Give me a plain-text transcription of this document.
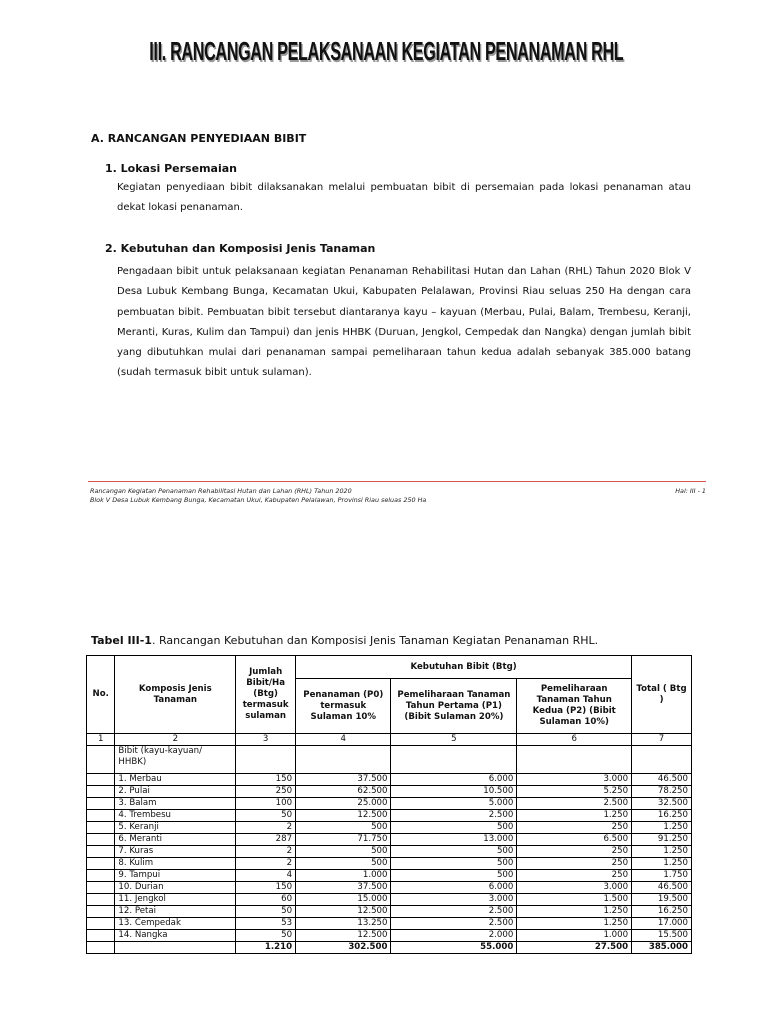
III. RANCANGAN PELAKSANAAN KEGIATAN PENANAMAN RHL
A. RANCANGAN PENYEDIAAN BIBIT
1. Lokasi Persemaian
Kegiatan penyediaan bibit dilaksanakan melalui pembuatan bibit di persemaian pada lokasi penanaman atau dekat lokasi penanaman.
2. Kebutuhan dan Komposisi Jenis Tanaman
Pengadaan bibit untuk pelaksanaan kegiatan Penanaman Rehabilitasi Hutan dan Lahan (RHL) Tahun 2020 Blok V Desa Lubuk Kembang Bunga, Kecamatan Ukui, Kabupaten Pelalawan, Provinsi Riau seluas 250 Ha dengan cara pembuatan bibit. Pembuatan bibit tersebut diantaranya kayu – kayuan (Merbau, Pulai, Balam, Trembesu, Keranji, Meranti, Kuras, Kulim dan Tampui) dan jenis HHBK (Duruan, Jengkol, Cempedak dan Nangka) dengan jumlah bibit yang dibutuhkan mulai dari penanaman sampai pemeliharaan tahun kedua adalah sebanyak 385.000 batang (sudah termasuk bibit untuk sulaman).
Rancangan Kegiatan Penanaman Rehabilitasi Hutan dan Lahan (RHL) Tahun 2020
Blok V Desa Lubuk Kembang Bunga, Kecamatan Ukui, Kabupaten Pelalawan, Provinsi Riau seluas 250 Ha
Hal: III - 1
Tabel III-1. Rancangan Kebutuhan dan Komposisi Jenis Tanaman Kegiatan Penanaman RHL.
No.	Komposis Jenis Tanaman	Jumlah Bibit/Ha (Btg) termasuk sulaman	Kebutuhan Bibit (Btg)			Total ( Btg )
			Penanaman (P0) termasuk Sulaman 10%	Pemeliharaan Tanaman Tahun Pertama (P1) (Bibit Sulaman 20%)	Pemeliharaan Tanaman Tahun Kedua (P2) (Bibit Sulaman 10%)	
1	2	3	4	5	6	7
	Bibit (kayu-kayuan/ HHBK)					
	1. Merbau	150	37.500	6.000	3.000	46.500
	2. Pulai	250	62.500	10.500	5.250	78.250
	3. Balam	100	25.000	5.000	2.500	32.500
	4. Trembesu	50	12.500	2.500	1.250	16.250
	5. Keranji	2	500	500	250	1.250
	6. Meranti	287	71.750	13.000	6.500	91.250
	7. Kuras	2	500	500	250	1.250
	8. Kulim	2	500	500	250	1.250
	9. Tampui	4	1.000	500	250	1.750
	10. Durian	150	37.500	6.000	3.000	46.500
	11. Jengkol	60	15.000	3.000	1.500	19.500
	12. Petai	50	12.500	2.500	1.250	16.250
	13. Cempedak	53	13.250	2.500	1.250	17.000
	14. Nangka	50	12.500	2.000	1.000	15.500
		1.210	302.500	55.000	27.500	385.000
